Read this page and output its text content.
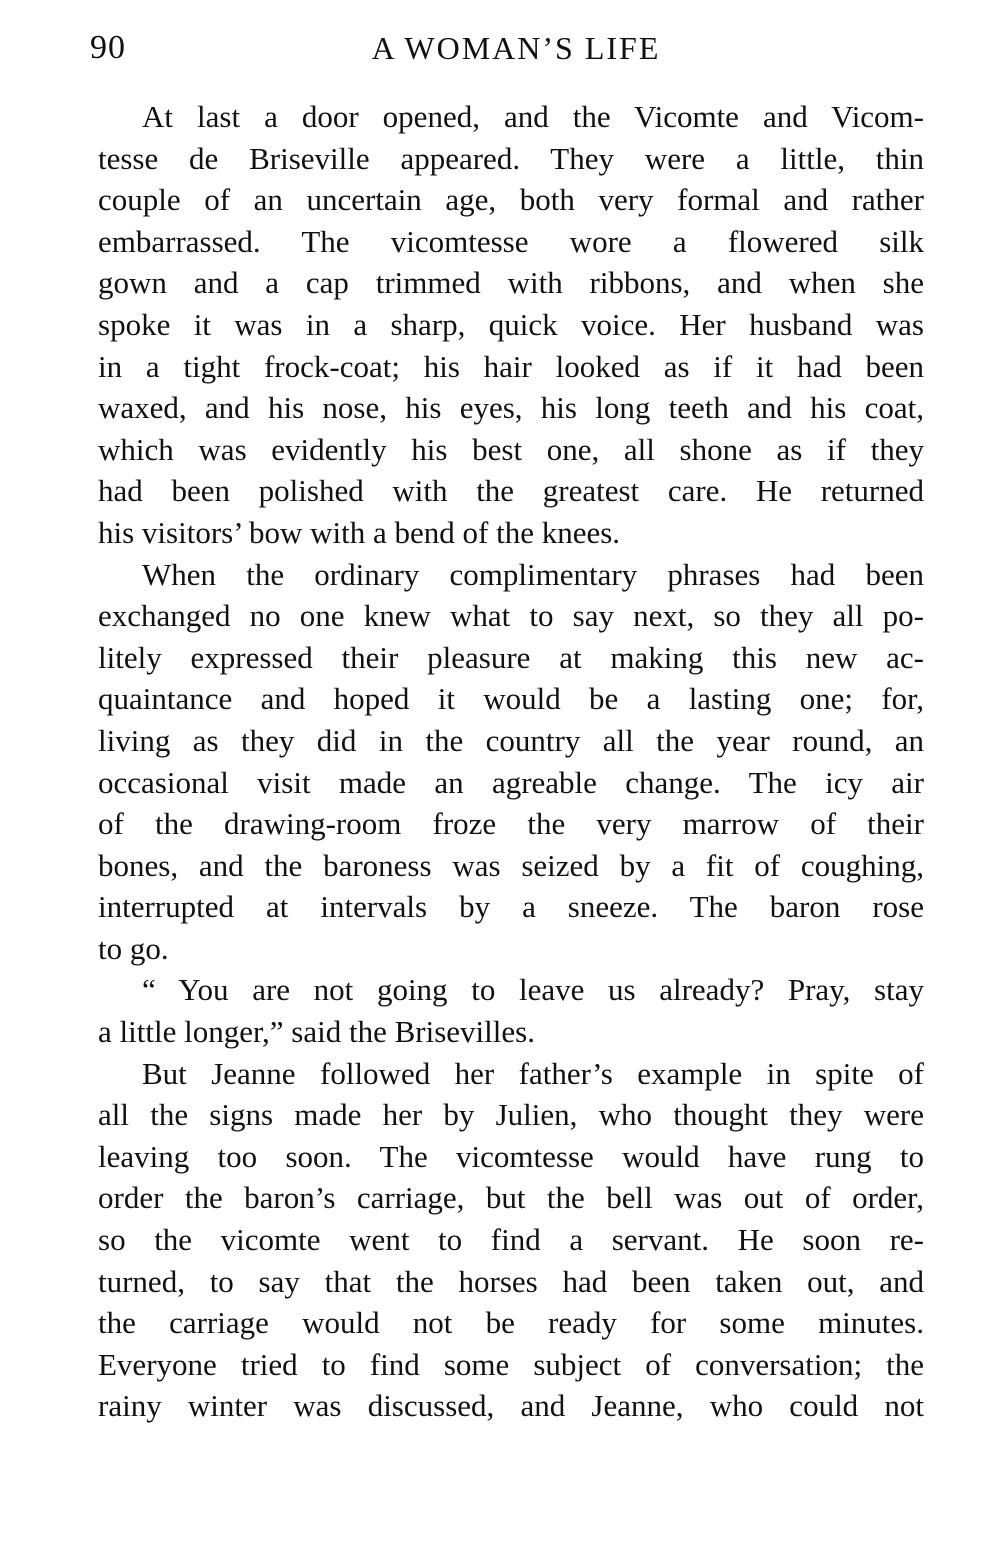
90	A WOMAN’S LIFE
At last a door opened, and the Vicomte and Vicom-
tesse de Briseville appeared. They were a little, thin
couple of an uncertain age, both very formal and rather
embarrassed. The vicomtesse wore a flowered silk
gown and a cap trimmed with ribbons, and when she
spoke it was in a sharp, quick voice. Her husband was
in a tight frock-coat; his hair looked as if it had been
waxed, and his nose, his eyes, his long teeth and his coat,
which was evidently his best one, all shone as if they
had been polished with the greatest care. He returned
his visitors’ bow with a bend of the knees.
When the ordinary complimentary phrases had been
exchanged no one knew what to say next, so they all po-
litely expressed their pleasure at making this new ac-
quaintance and hoped it would be a lasting one; for,
living as they did in the country all the year round, an
occasional visit made an agreable change. The icy air
of the drawing-room froze the very marrow of their
bones, and the baroness was seized by a fit of coughing,
interrupted at intervals by a sneeze. The baron rose
to go.
“ You are not going to leave us already? Pray, stay
a little longer,” said the Brisevilles.
But Jeanne followed her father’s example in spite of
all the signs made her by Julien, who thought they were
leaving too soon. The vicomtesse would have rung to
order the baron’s carriage, but the bell was out of order,
so the vicomte went to find a servant. He soon re-
turned, to say that the horses had been taken out, and
the carriage would not be ready for some minutes.
Everyone tried to find some subject of conversation; the
rainy winter was discussed, and Jeanne, who could not
